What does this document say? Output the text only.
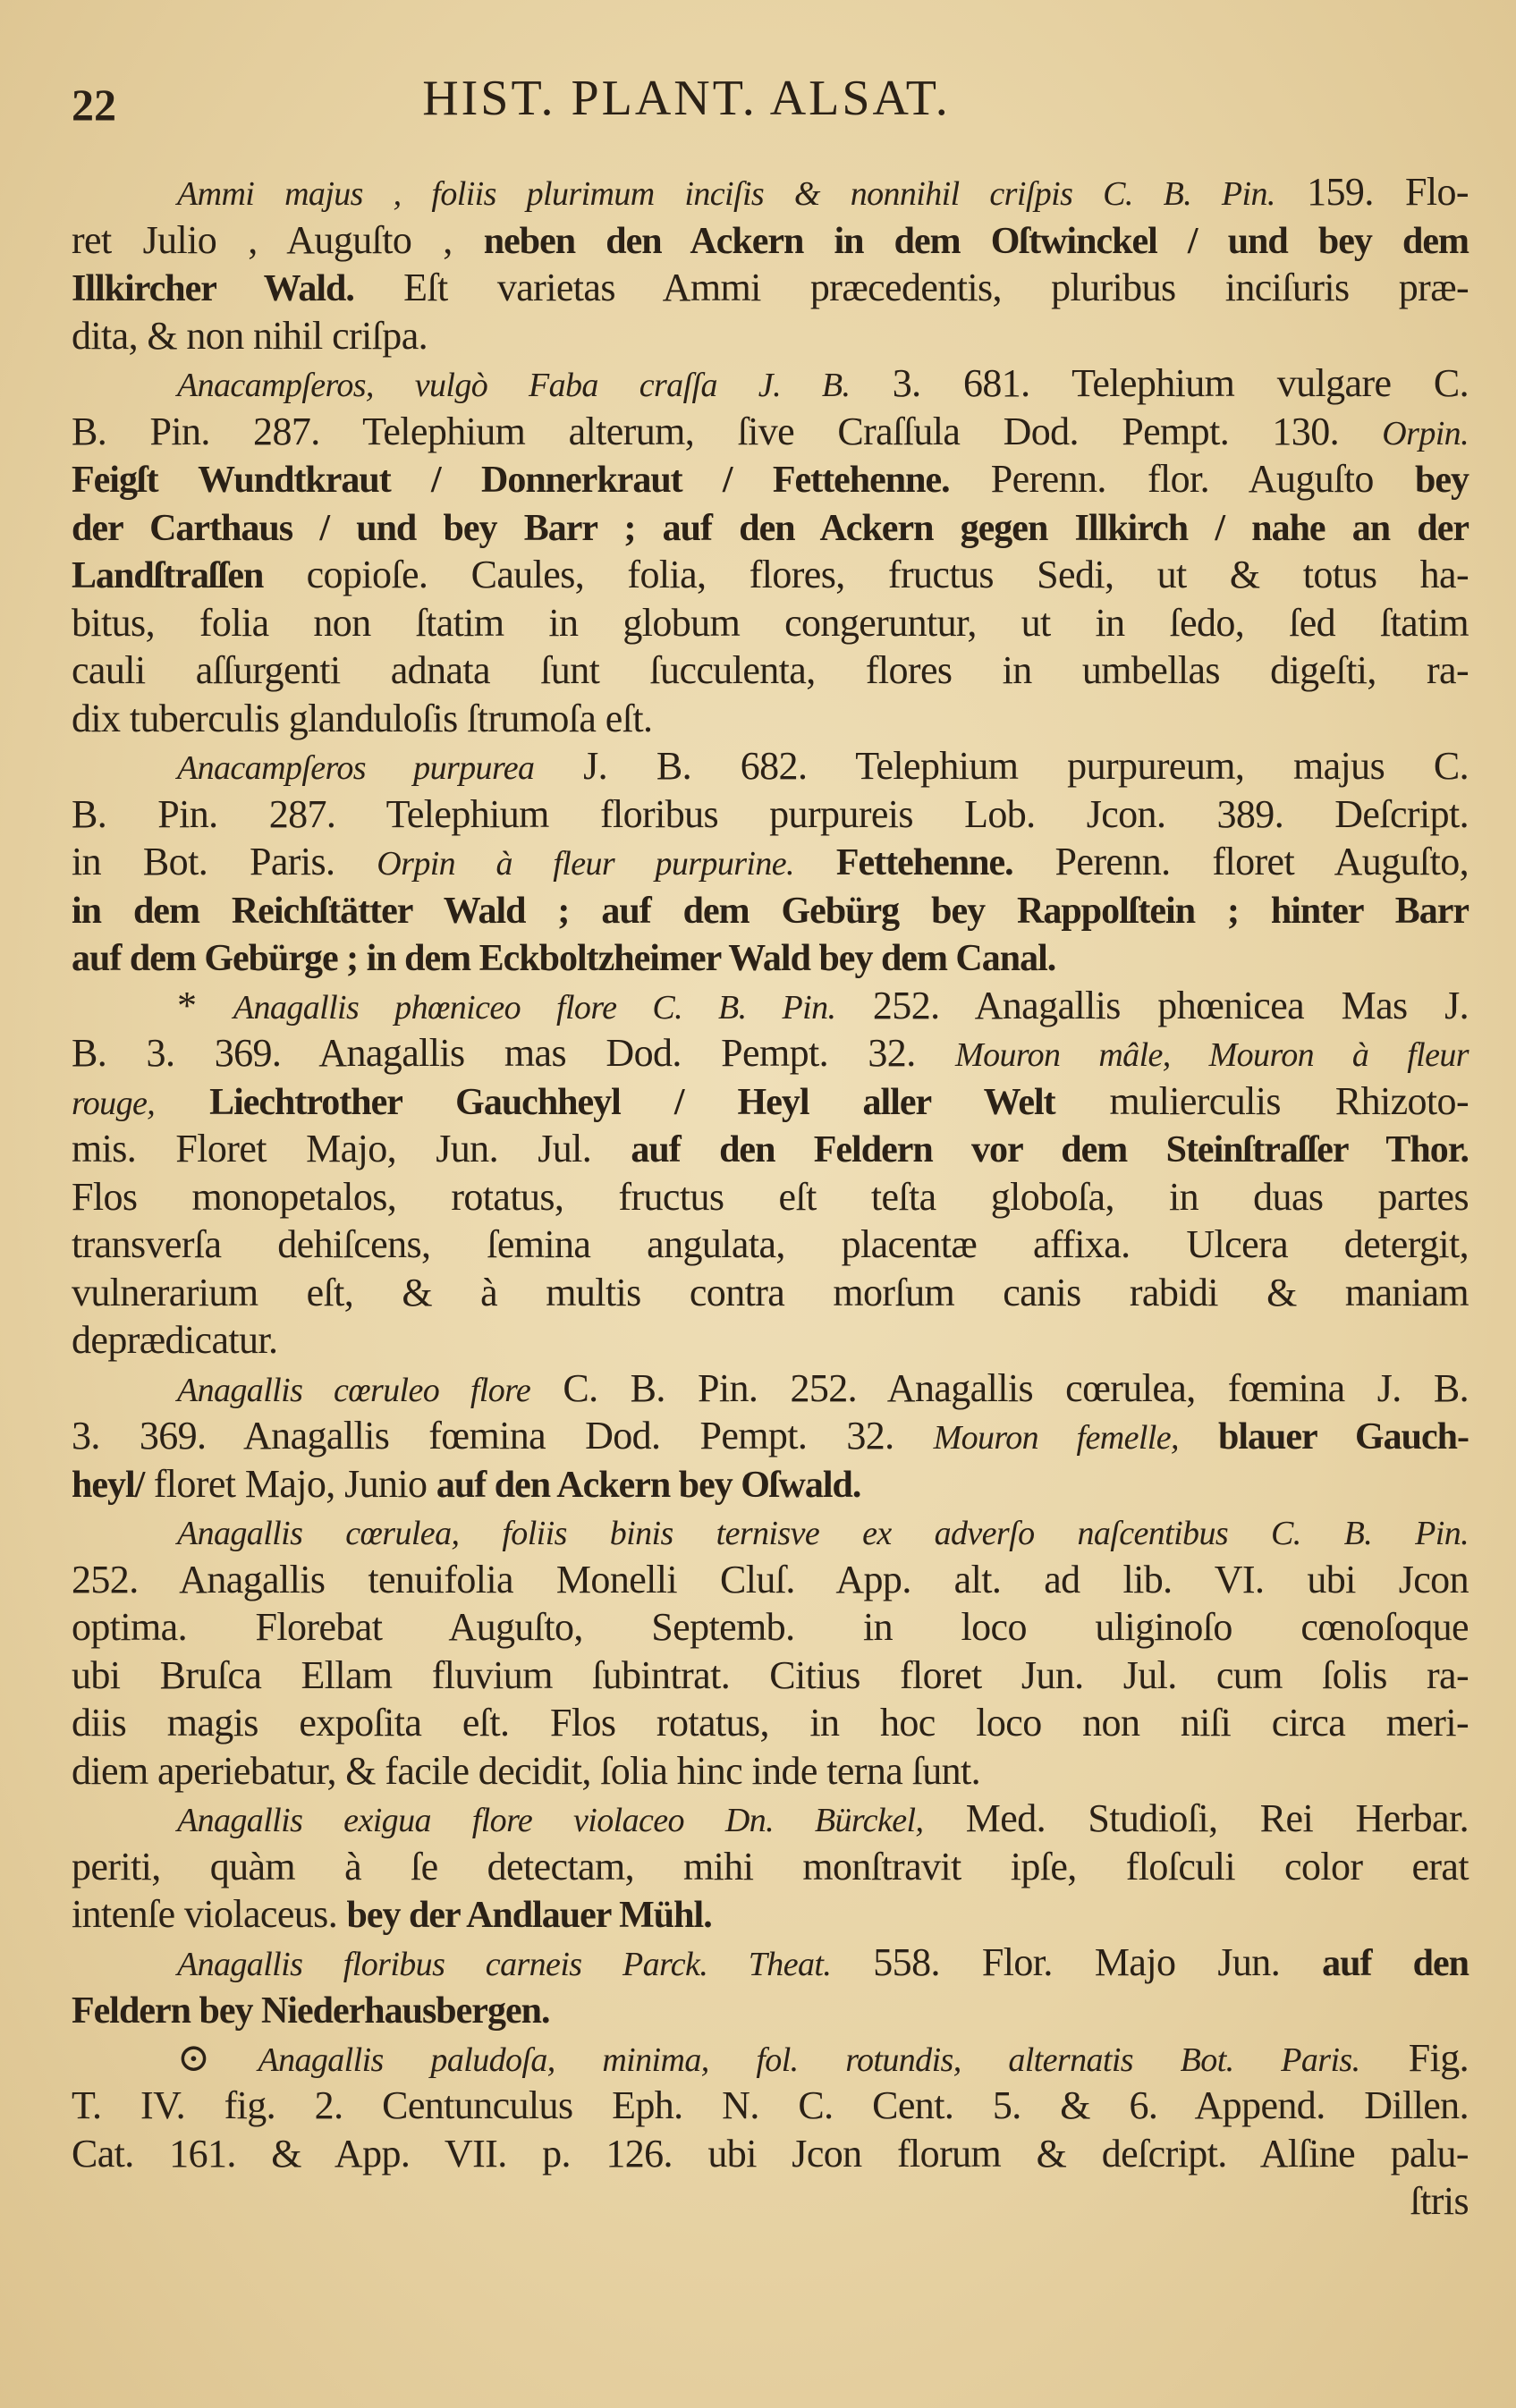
22	HIST. PLANT. ALSAT.
Ammi majus , foliis plurimum inciſis & nonnihil criſpis C. B. Pin. 159. Flo-
ret Julio , Auguſto , neben den Ackern in dem Oſtwinckel / und bey dem
Illkircher Wald. Eſt varietas Ammi præcedentis, pluribus inciſuris præ-
dita, & non nihil criſpa.
Anacampſeros, vulgò Faba craſſa J. B. 3. 681. Telephium vulgare C.
B. Pin. 287. Telephium alterum, ſive Craſſula Dod. Pempt. 130. Orpin.
Feigſt Wundtkraut / Donnerkraut / Fettehenne. Perenn. flor. Auguſto bey
der Carthaus / und bey Barr ; auf den Ackern gegen Illkirch / nahe an der
Landſtraſſen copioſe. Caules, folia, flores, fructus Sedi, ut & totus ha-
bitus, folia non ſtatim in globum congeruntur, ut in ſedo, ſed ſtatim
cauli aſſurgenti adnata ſunt ſucculenta, flores in umbellas digeſti, ra-
dix tuberculis glanduloſis ſtrumoſa eſt.
Anacampſeros purpurea J. B. 682. Telephium purpureum, majus C.
B. Pin. 287. Telephium floribus purpureis Lob. Jcon. 389. Deſcript.
in Bot. Paris. Orpin à fleur purpurine. Fettehenne. Perenn. floret Auguſto,
in dem Reichſtätter Wald ; auf dem Gebürg bey Rappolſtein ; hinter Barr
auf dem Gebürge ; in dem Eckboltzheimer Wald bey dem Canal.
* Anagallis phœniceo flore C. B. Pin. 252. Anagallis phœnicea Mas J.
B. 3. 369. Anagallis mas Dod. Pempt. 32. Mouron mâle, Mouron à fleur
rouge, Liechtrother Gauchheyl / Heyl aller Welt mulierculis Rhizoto-
mis. Floret Majo, Jun. Jul. auf den Feldern vor dem Steinſtraſſer Thor.
Flos monopetalos, rotatus, fructus eſt teſta globoſa, in duas partes
transverſa dehiſcens, ſemina angulata, placentæ affixa. Ulcera detergit,
vulnerarium eſt, & à multis contra morſum canis rabidi & maniam
deprædicatur.
Anagallis cœruleo flore C. B. Pin. 252. Anagallis cœrulea, fœmina J. B.
3. 369. Anagallis fœmina Dod. Pempt. 32. Mouron femelle, blauer Gauch-
heyl/ floret Majo, Junio auf den Ackern bey Oſwald.
Anagallis cœrulea, foliis binis ternisve ex adverſo naſcentibus C. B. Pin.
252. Anagallis tenuifolia Monelli Cluſ. App. alt. ad lib. VI. ubi Jcon
optima. Florebat Auguſto, Septemb. in loco uliginoſo cœnoſoque
ubi Bruſca Ellam fluvium ſubintrat. Citius floret Jun. Jul. cum ſolis ra-
diis magis expoſita eſt. Flos rotatus, in hoc loco non niſi circa meri-
diem aperiebatur, & facile decidit, ſolia hinc inde terna ſunt.
Anagallis exigua flore violaceo Dn. Bürckel, Med. Studioſi, Rei Herbar.
periti, quàm à ſe detectam, mihi monſtravit ipſe, floſculi color erat
intenſe violaceus. bey der Andlauer Mühl.
Anagallis floribus carneis Parck. Theat. 558. Flor. Majo Jun. auf den
Feldern bey Niederhausbergen.
⊙ Anagallis paludoſa, minima, fol. rotundis, alternatis Bot. Paris. Fig.
T. IV. fig. 2. Centunculus Eph. N. C. Cent. 5. & 6. Append. Dillen.
Cat. 161. & App. VII. p. 126. ubi Jcon florum & deſcript. Alſine palu-
ſtris
